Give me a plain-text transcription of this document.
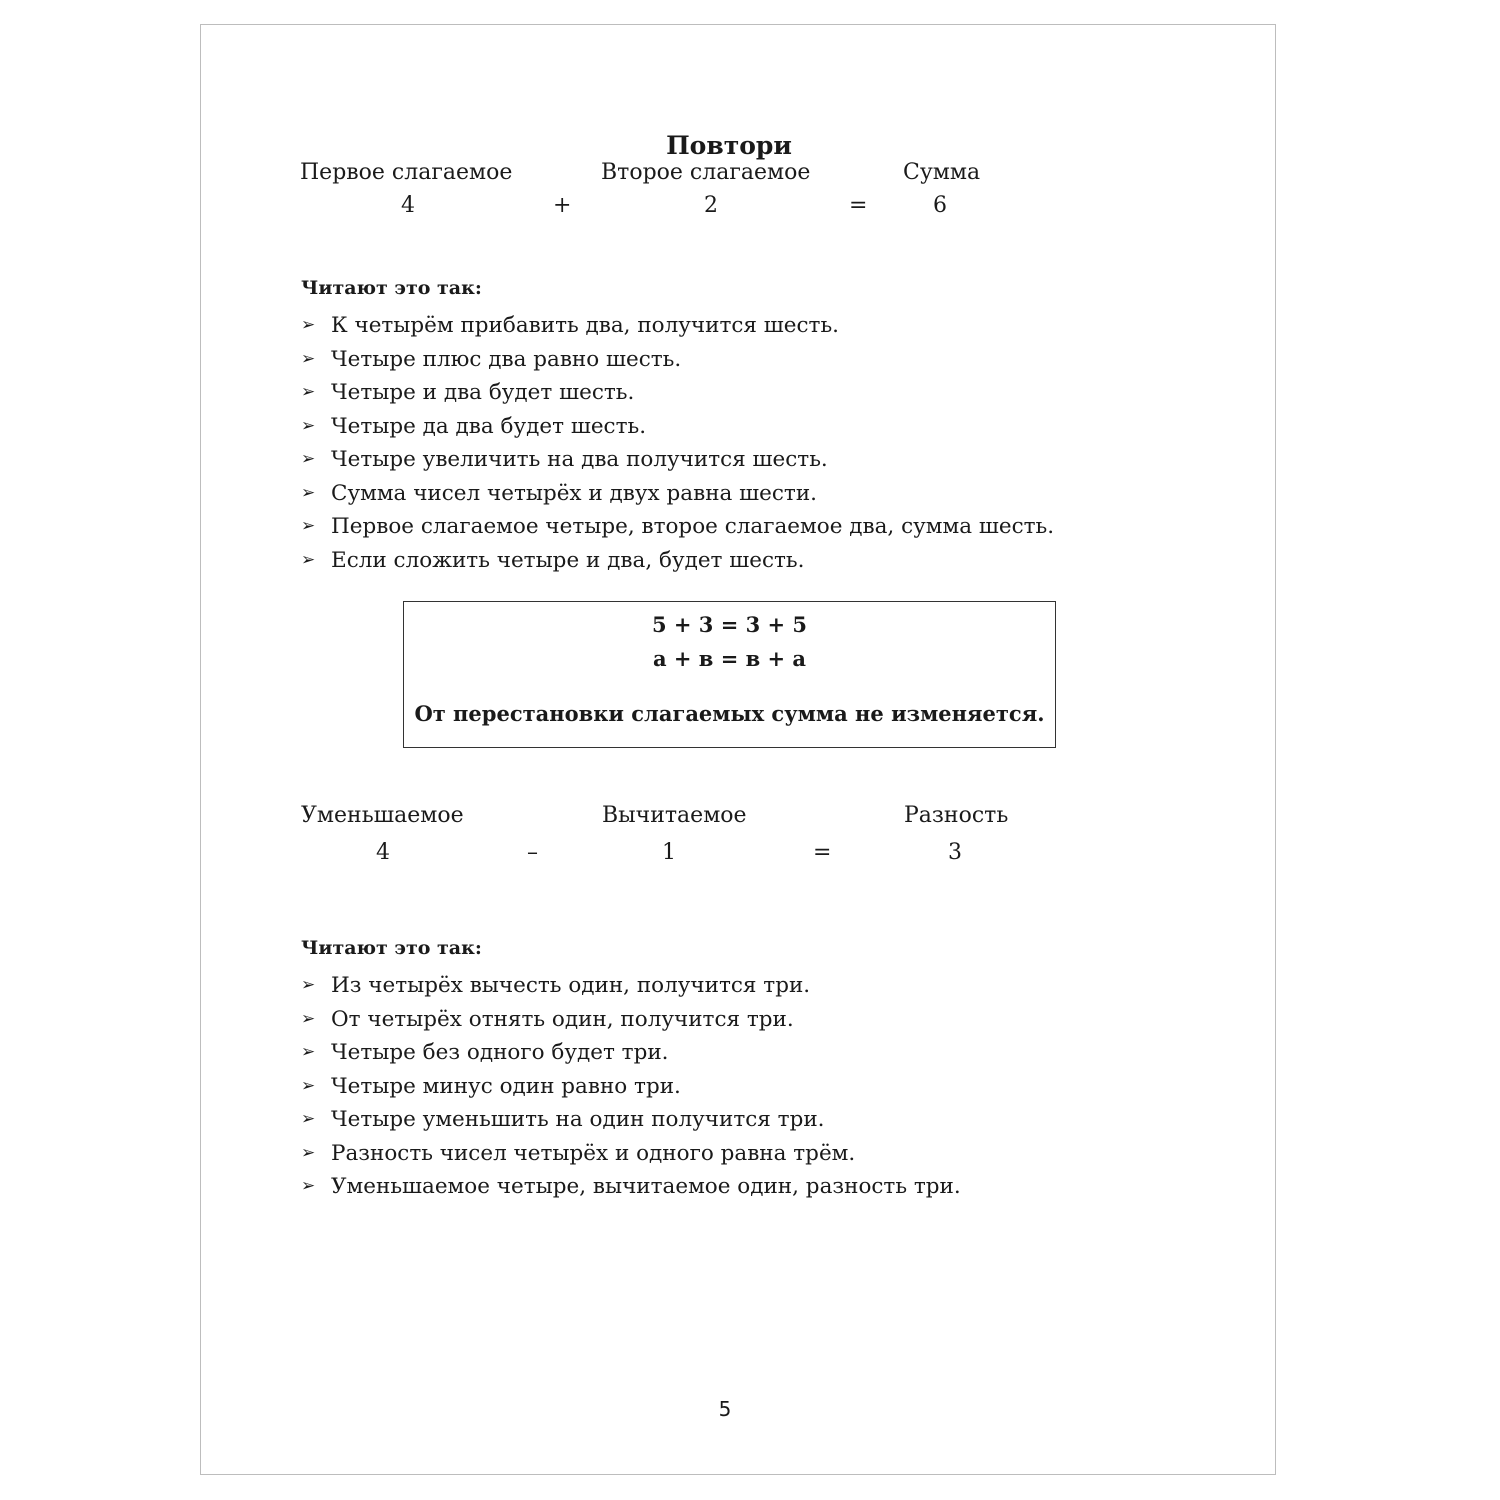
Повтори
Первое слагаемое	Второе слагаемое	Сумма
4	+	2	=	6
Читают это так:
➢ К четырём прибавить два, получится шесть.
➢ Четыре плюс два равно шесть.
➢ Четыре и два будет шесть.
➢ Четыре да два будет шесть.
➢ Четыре увеличить на два получится шесть.
➢ Сумма чисел четырёх и двух равна шести.
➢ Первое слагаемое четыре, второе слагаемое два, сумма шесть.
➢ Если сложить четыре и два, будет шесть.
5 + 3 = 3 + 5
а + в = в + а
От перестановки слагаемых сумма не изменяется.
Уменьшаемое	Вычитаемое	Разность
4	–	1	=	3
Читают это так:
➢ Из четырёх вычесть один, получится три.
➢ От четырёх отнять один, получится три.
➢ Четыре без одного будет три.
➢ Четыре минус один равно три.
➢ Четыре уменьшить на один получится три.
➢ Разность чисел четырёх и одного равна трём.
➢ Уменьшаемое четыре, вычитаемое один, разность три.
5
